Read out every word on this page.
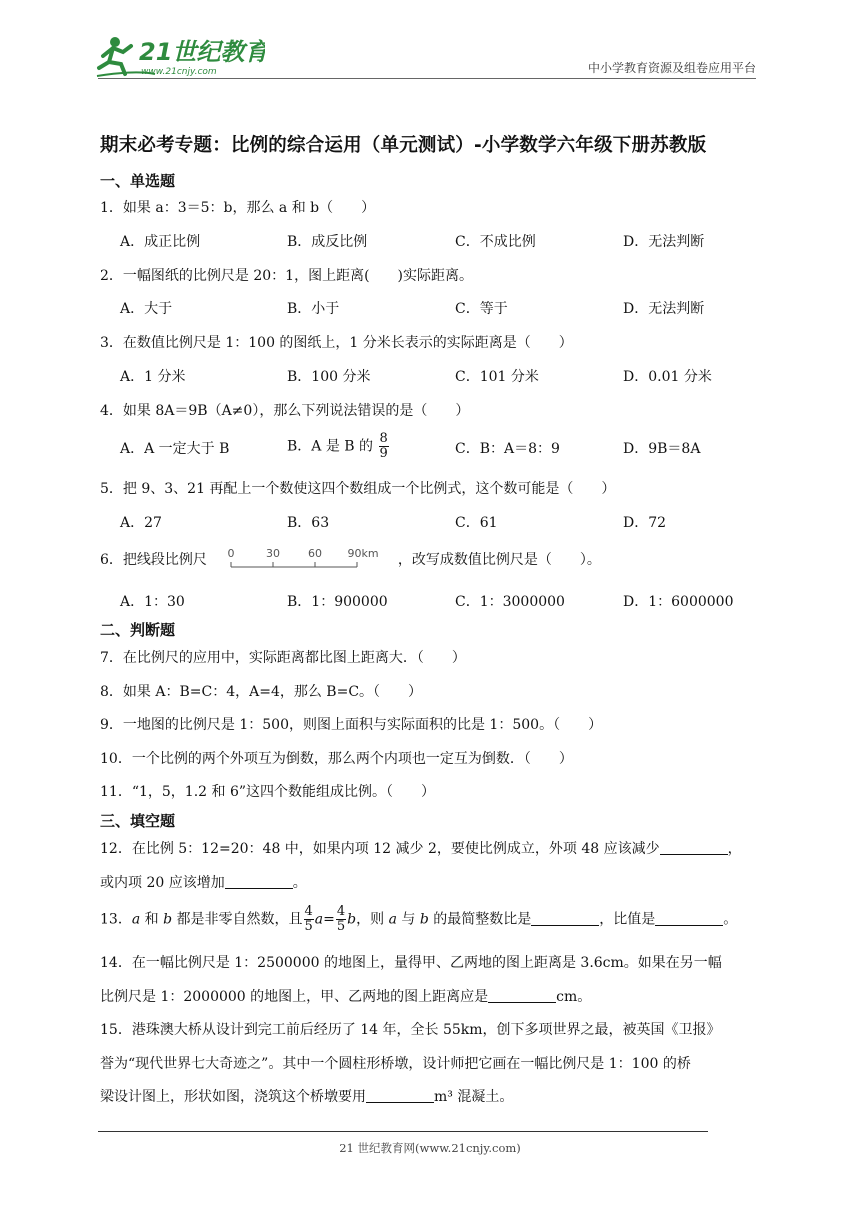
21世纪教育
www.21cnjy.com	中小学教育资源及组卷应用平台
期末必考专题：比例的综合运用（单元测试）-小学数学六年级下册苏教版
一、单选题
1．如果 a：3＝5：b，那么 a 和 b（　　）
A．成正比例	B．成反比例	C．不成比例	D．无法判断
2．一幅图纸的比例尺是 20：1，图上距离(　　)实际距离。
A．大于	B．小于	C．等于	D．无法判断
3．在数值比例尺是 1：100 的图纸上，1 分米长表示的实际距离是（　　）
A．1 分米	B．100 分米	C．101 分米	D．0.01 分米
4．如果 8A＝9B（A≠0），那么下列说法错误的是（　　）
A．A 一定大于 B	B．A 是 B 的 $\frac{8}{9}$	C．B：A＝8：9	D．9B＝8A
5．把 9、3、21 再配上一个数使这四个数组成一个比例式，这个数可能是（　　）
A．27	B．63	C．61	D．72
6．把线段比例尺 0	30	60 90km ，改写成数值比例尺是（　　）。
A．1：30	B．1：900000	C．1：3000000	D．1：6000000
二、判断题
7．在比例尺的应用中，实际距离都比图上距离大．（　　）
8．如果 A：B=C：4，A=4，那么 B=C。（　　）
9．一地图的比例尺是 1：500，则图上面积与实际面积的比是 1：500。（　　）
10．一个比例的两个外项互为倒数，那么两个内项也一定互为倒数．（　　）
11．“1，5，1.2 和 6”这四个数能组成比例。（　　）
三、填空题
12．在比例 5：12=20：48 中，如果内项 12 减少 2，要使比例成立，外项 48 应该减少	，
或内项 20 应该增加	。
13．a 和 b 都是非零自然数，且 $\frac{4}{5} a= \frac{4}{5}$ b，则 a 与 b 的最简整数比是	，比值是	。
14．在一幅比例尺是 1：2500000 的地图上，量得甲、乙两地的图上距离是 3.6cm。如果在另一幅
比例尺是 1：2000000 的地图上，甲、乙两地的图上距离应是	cm。
15．港珠澳大桥从设计到完工前后经历了 14 年，全长 55km，创下多项世界之最，被英国《卫报》
誉为“现代世界七大奇迹之”。其中一个圆柱形桥墩，设计师把它画在一幅比例尺是 1：100 的桥
梁设计图上，形状如图，浇筑这个桥墩要用	m³ 混凝土。
21 世纪教育网(www.21cnjy.com)
